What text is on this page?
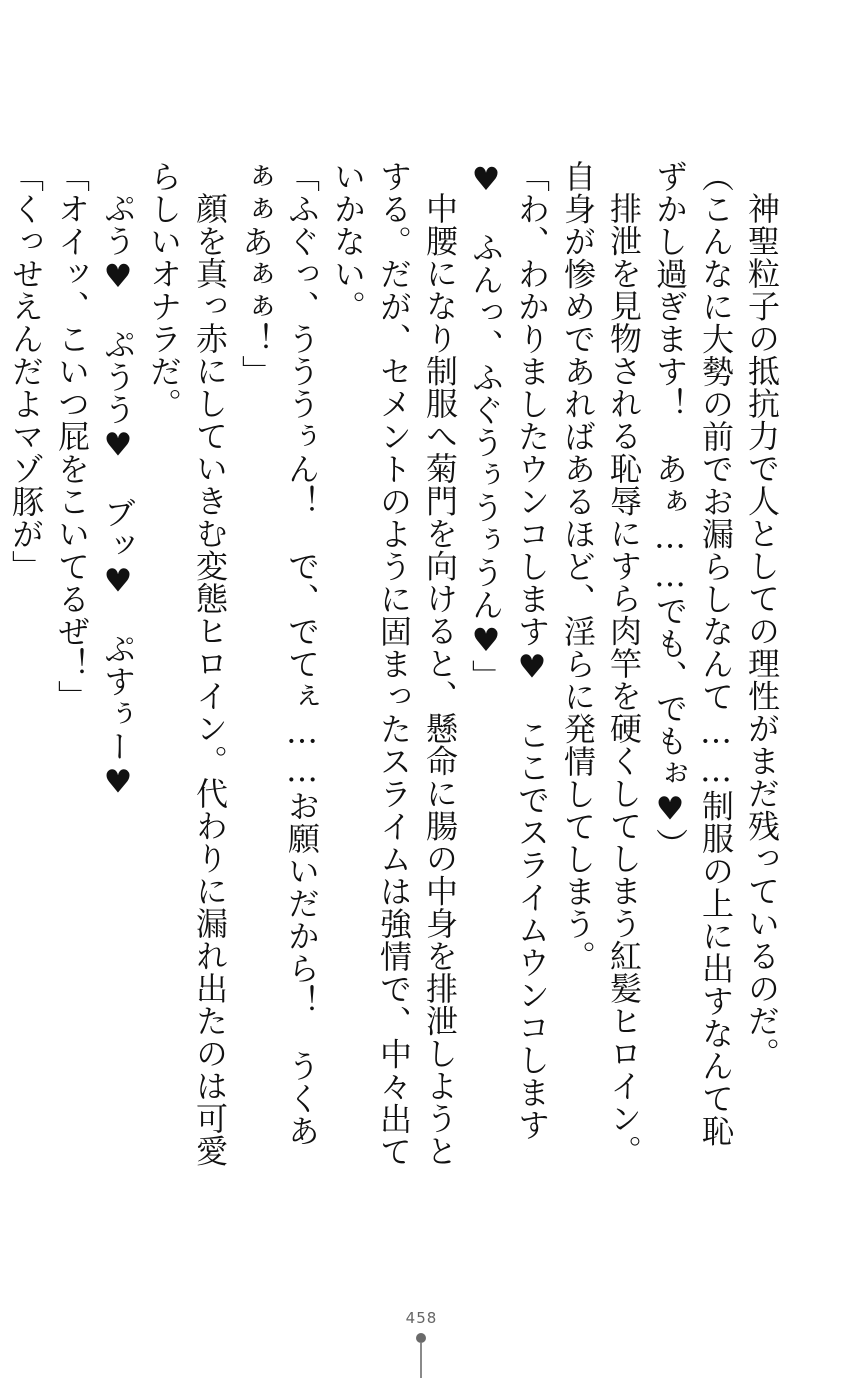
神聖粒子の抵抗力で人としての理性がまだ残っているのだ。

（こんなに大勢の前でお漏らしなんて……制服の上に出すなんて恥ずかし過ぎます！　あぁ……でも、でもぉ♥）

排泄を見物される恥辱にすら肉竿を硬くしてしまう紅髪ヒロイン。自身が惨めであればあるほど、淫らに発情してしまう。

「わ、わかりましたウンコします♥　ここでスライムウンコします♥　ふんっ、ふぐうぅうぅうん♥」

中腰になり制服へ菊門を向けると、懸命に腸の中身を排泄しようとする。だが、セメントのように固まったスライムは強情で、中々出ていかない。

「ふぐっ、うううぅん！　で、でてぇ……お願いだから！　うくあぁぁあぁぁ！」

顔を真っ赤にしていきむ変態ヒロイン。代わりに漏れ出たのは可愛らしいオナラだ。

ぷう♥　ぷうう♥　ブッ♥　ぷすぅー♥

「オイッ、こいつ屁をこいてるぜ！」

「くっせえんだよマゾ豚が」

458
